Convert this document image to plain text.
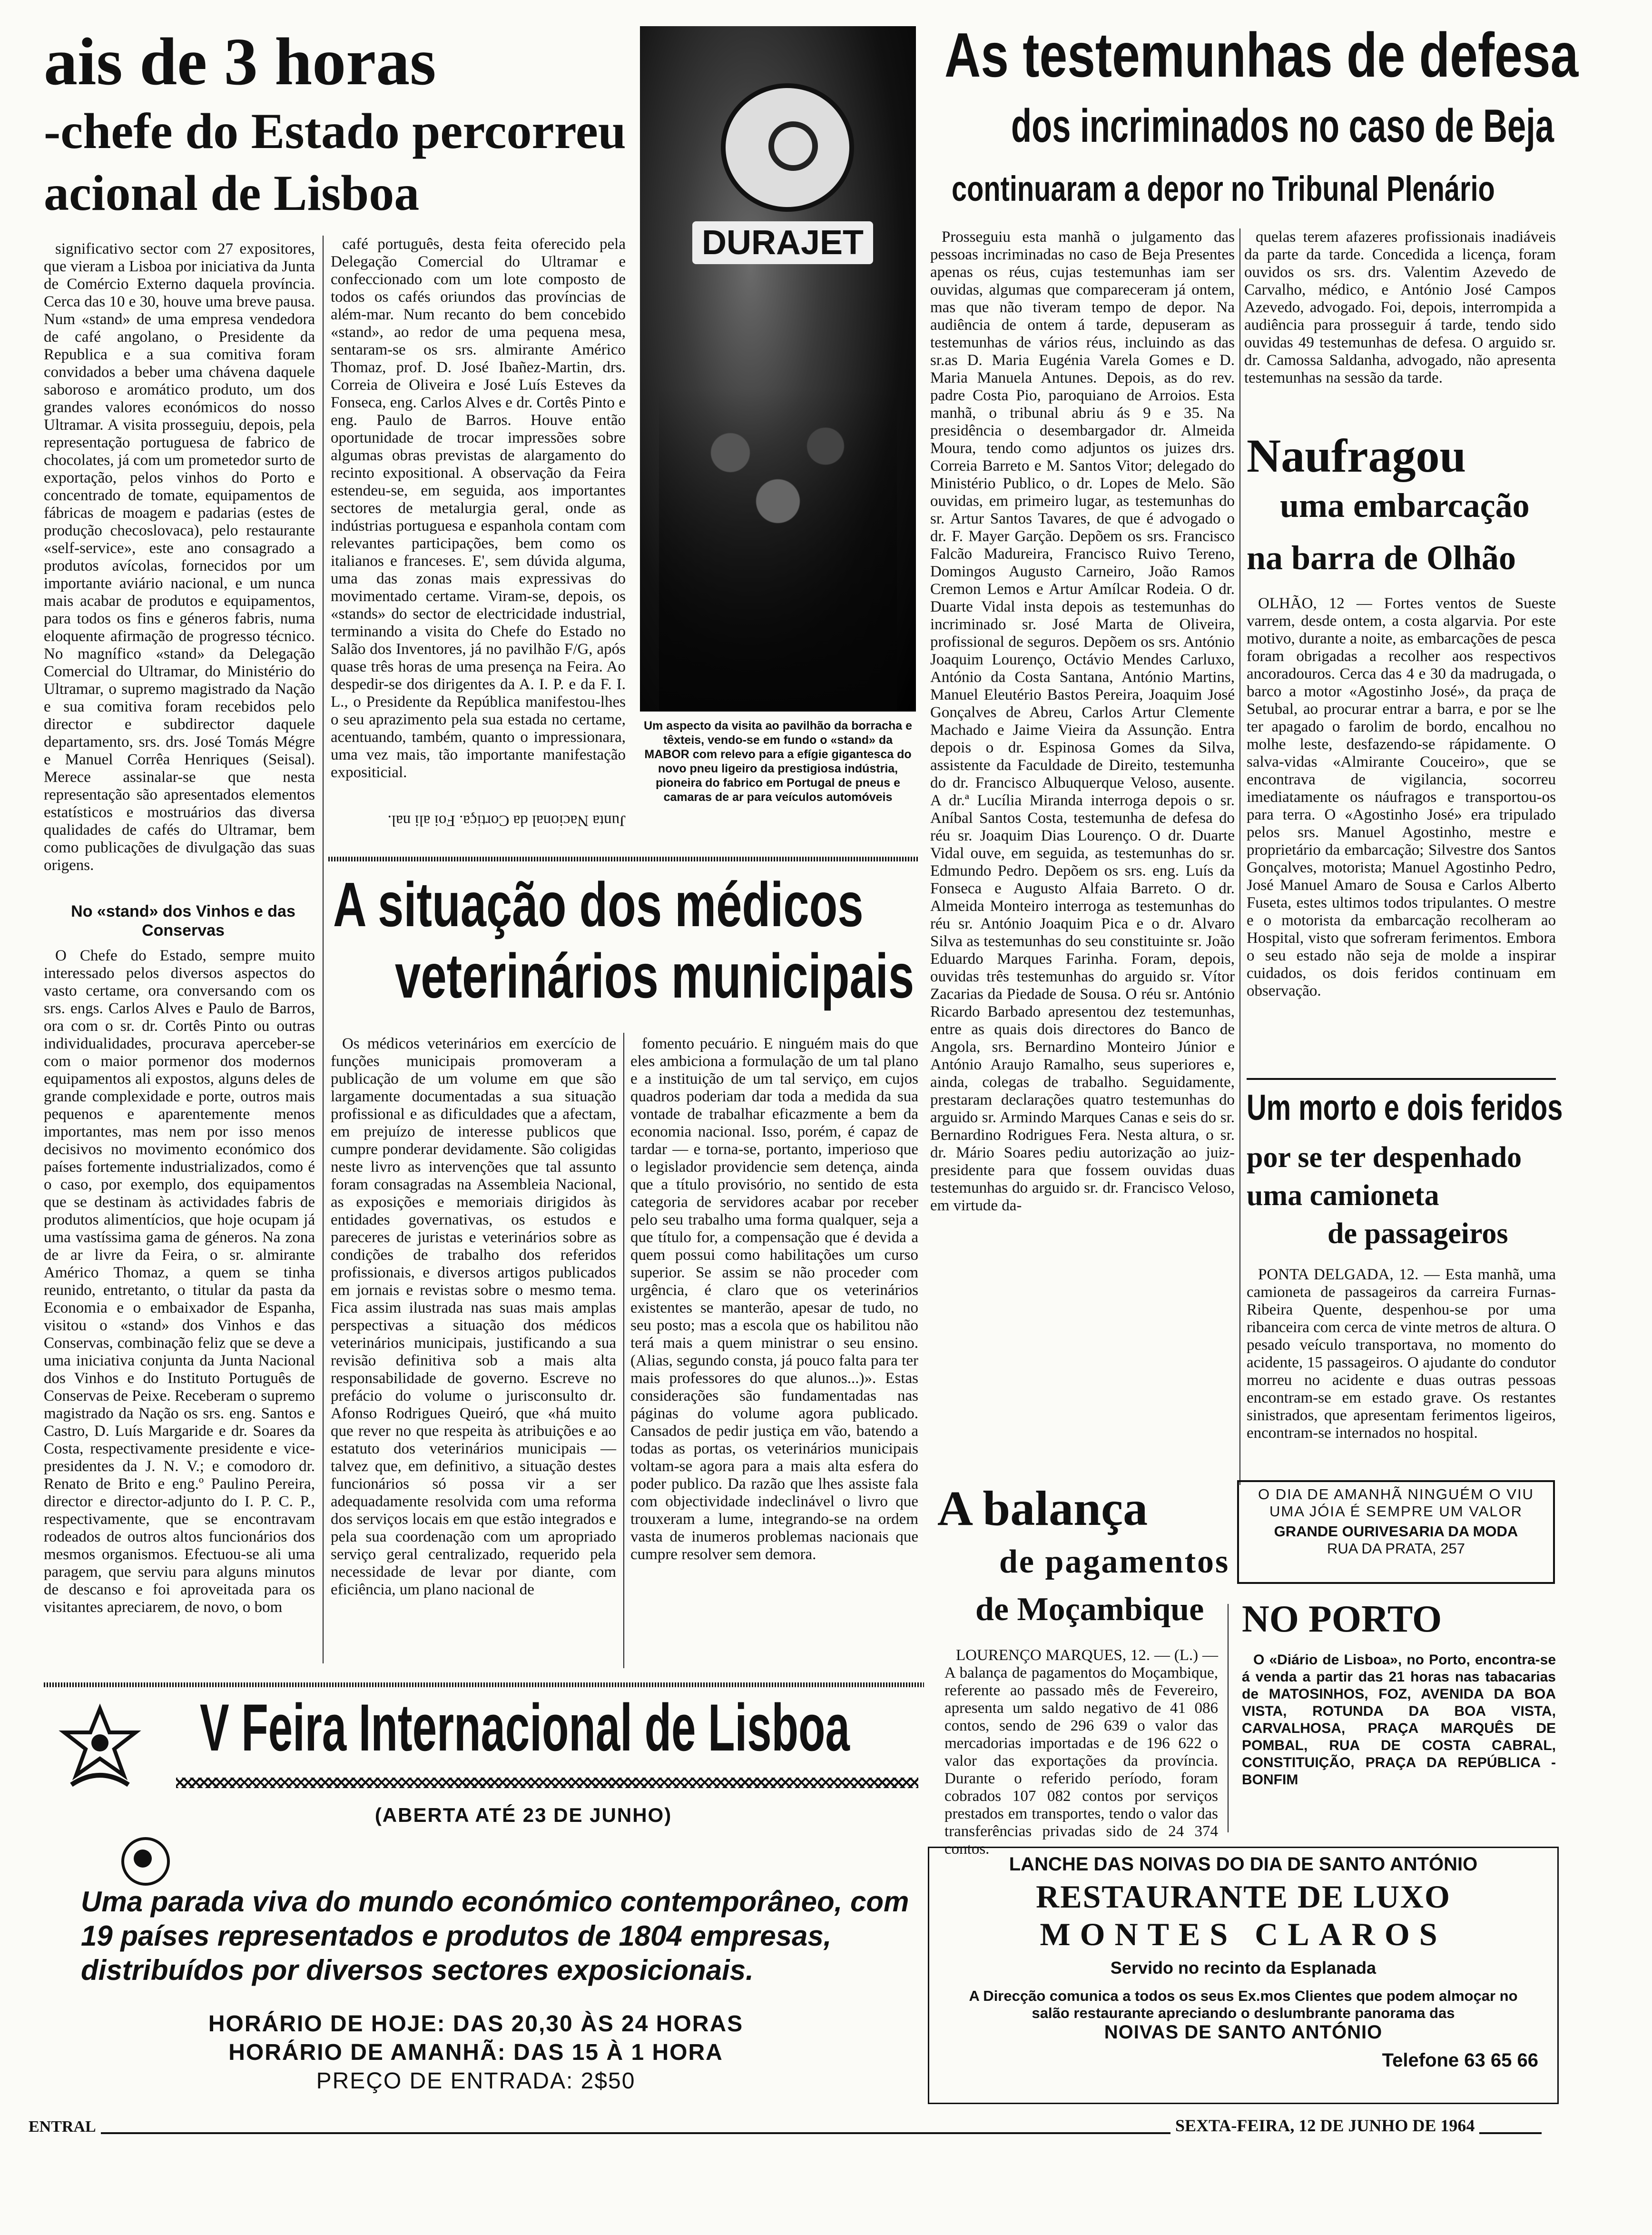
ais de 3 horas
-chefe do Estado percorreu
acional de Lisboa

significativo sector com 27 expositores, que vieram a Lisboa por iniciativa da Junta de Comércio Externo daquela província. Cerca das 10 e 30, houve uma breve pausa. Num «stand» de uma empresa vendedora de café angolano, o Presidente da Republica e a sua comitiva foram convidados a beber uma chávena daquele saboroso e aromático produto, um dos grandes valores económicos do nosso Ultramar. A visita prosseguiu, depois, pela representação portuguesa de fabrico de chocolates, já com um prometedor surto de exportação, pelos vinhos do Porto e concentrado de tomate, equipamentos de fábricas de moagem e padarias (estes de produção checoslovaca), pelo restaurante «self-service», este ano consagrado a produtos avícolas, fornecidos por um importante aviário nacional, e um nunca mais acabar de produtos e equipamentos, para todos os fins e géneros fabris, numa eloquente afirmação de progresso técnico. No magnífico «stand» da Delegação Comercial do Ultramar, do Ministério do Ultramar, o supremo magistrado da Nação e sua comitiva foram recebidos pelo director e subdirector daquele departamento, srs. drs. José Tomás Mégre e Manuel Corrêa Henriques (Seisal). Merece assinalar-se que nesta representação são apresentados elementos estatísticos e mostruários das diversa qualidades de cafés do Ultramar, bem como publicações de divulgação das suas origens.

No «stand» dos Vinhos e das Conservas

O Chefe do Estado, sempre muito interessado pelos diversos aspectos do vasto certame, ora conversando com os srs. engs. Carlos Alves e Paulo de Barros, ora com o sr. dr. Cortês Pinto ou outras individualidades, procurava aperceber-se com o maior pormenor dos modernos equipamentos ali expostos, alguns deles de grande complexidade e porte, outros mais pequenos e aparentemente menos importantes, mas nem por isso menos decisivos no movimento económico dos países fortemente industrializados, como é o caso, por exemplo, dos equipamentos que se destinam às actividades fabris de produtos alimentícios, que hoje ocupam já uma vastíssima gama de géneros. Na zona de ar livre da Feira, o sr. almirante Américo Thomaz, a quem se tinha reunido, entretanto, o titular da pasta da Economia e o embaixador de Espanha, visitou o «stand» dos Vinhos e das Conservas, combinação feliz que se deve a uma iniciativa conjunta da Junta Nacional dos Vinhos e do Instituto Português de Conservas de Peixe. Receberam o supremo magistrado da Nação os srs. eng. Santos e Castro, D. Luís Margaride e dr. Soares da Costa, respectivamente presidente e vice-presidentes da J. N. V.; e comodoro dr. Renato de Brito e eng.º Paulino Pereira, director e director-adjunto do I. P. C. P., respectivamente, que se encontravam rodeados de outros altos funcionários dos mesmos organismos. Efectuou-se ali uma paragem, que serviu para alguns minutos de descanso e foi aproveitada para os visitantes apreciarem, de novo, o bom

café português, desta feita oferecido pela Delegação Comercial do Ultramar e confeccionado com um lote composto de todos os cafés oriundos das províncias de além-mar. Num recanto do bem concebido «stand», ao redor de uma pequena mesa, sentaram-se os srs. almirante Américo Thomaz, prof. D. José Ibañez-Martin, drs. Correia de Oliveira e José Luís Esteves da Fonseca, eng. Carlos Alves e dr. Cortês Pinto e eng. Paulo de Barros. Houve então oportunidade de trocar impressões sobre algumas obras previstas de alargamento do recinto expositional. A observação da Feira estendeu-se, em seguida, aos importantes sectores de metalurgia geral, onde as indústrias portuguesa e espanhola contam com relevantes participações, bem como os italianos e franceses. E', sem dúvida alguma, uma das zonas mais expressivas do movimentado certame. Viram-se, depois, os «stands» do sector de electricidade industrial, terminando a visita do Chefe do Estado no Salão dos Inventores, já no pavilhão F/G, após quase três horas de uma presença na Feira. Ao despedir-se dos dirigentes da A. I. P. e da F. I. L., o Presidente da República manifestou-lhes o seu aprazimento pela sua estada no certame, acentuando, também, quanto o impressionara, uma vez mais, tão importante manifestação expositicial.

Junta Nacional da Cortiça. Foi ali nal.
DURAJET
Um aspecto da visita ao pavilhão da borracha e têxteis, vendo-se em fundo o «stand» da MABOR com relevo para a efígie gigantesca do novo pneu ligeiro da prestigiosa indústria, pioneira do fabrico em Portugal de pneus e camaras de ar para veículos automóveis
A situação dos médicos
veterinários municipais

Os médicos veterinários em exercício de funções municipais promoveram a publicação de um volume em que são largamente documentadas a sua situação profissional e as dificuldades que a afectam, em prejuízo de interesse publicos que cumpre ponderar devidamente. São coligidas neste livro as intervenções que tal assunto foram consagradas na Assembleia Nacional, as exposições e memoriais dirigidos às entidades governativas, os estudos e pareceres de juristas e veterinários sobre as condições de trabalho dos referidos profissionais, e diversos artigos publicados em jornais e revistas sobre o mesmo tema. Fica assim ilustrada nas suas mais amplas perspectivas a situação dos médicos veterinários municipais, justificando a sua revisão definitiva sob a mais alta responsabilidade de governo. Escreve no prefácio do volume o jurisconsulto dr. Afonso Rodrigues Queiró, que «há muito que rever no que respeita às atribuições e ao estatuto dos veterinários municipais — talvez que, em definitivo, a situação destes funcionários só possa vir a ser adequadamente resolvida com uma reforma dos serviços locais em que estão integrados e pela sua coordenação com um apropriado serviço geral centralizado, requerido pela necessidade de levar por diante, com eficiência, um plano nacional de

fomento pecuário. E ninguém mais do que eles ambiciona a formulação de um tal plano e a instituição de um tal serviço, em cujos quadros poderiam dar toda a medida da sua vontade de trabalhar eficazmente a bem da economia nacional. Isso, porém, é capaz de tardar — e torna-se, portanto, imperioso que o legislador providencie sem detença, ainda que a título provisório, no sentido de esta categoria de servidores acabar por receber pelo seu trabalho uma forma qualquer, seja a que título for, a compensação que é devida a quem possui como habilitações um curso superior. Se assim se não proceder com urgência, é claro que os veterinários existentes se manterão, apesar de tudo, no seu posto; mas a escola que os habilitou não terá mais a quem ministrar o seu ensino. (Alias, segundo consta, já pouco falta para ter mais professores do que alunos...)». Estas considerações são fundamentadas nas páginas do volume agora publicado. Cansados de pedir justiça em vão, batendo a todas as portas, os veterinários municipais voltam-se agora para a mais alta esfera do poder publico. Da razão que lhes assiste fala com objectividade indeclinável o livro que trouxeram a lume, integrando-se na ordem vasta de inumeros problemas nacionais que cumpre resolver sem demora.

As testemunhas de defesa
dos incriminados no caso de Beja
continuaram a depor no Tribunal Plenário

Prosseguiu esta manhã o julgamento das pessoas incriminadas no caso de Beja Presentes apenas os réus, cujas testemunhas iam ser ouvidas, algumas que compareceram já ontem, mas que não tiveram tempo de depor. Na audiência de ontem á tarde, depuseram as testemunhas de vários réus, incluindo as das sr.as D. Maria Eugénia Varela Gomes e D. Maria Manuela Antunes. Depois, as do rev. padre Costa Pio, paroquiano de Arroios. Esta manhã, o tribunal abriu ás 9 e 35. Na presidência o desembargador dr. Almeida Moura, tendo como adjuntos os juizes drs. Correia Barreto e M. Santos Vitor; delegado do Ministério Publico, o dr. Lopes de Melo. São ouvidas, em primeiro lugar, as testemunhas do sr. Artur Santos Tavares, de que é advogado o dr. F. Mayer Garção. Depõem os srs. Francisco Falcão Madureira, Francisco Ruivo Tereno, Domingos Augusto Carneiro, João Ramos Cremon Lemos e Artur Amílcar Rodeia. O dr. Duarte Vidal insta depois as testemunhas do incriminado sr. José Marta de Oliveira, profissional de seguros. Depõem os srs. António Joaquim Lourenço, Octávio Mendes Carluxo, António da Costa Santana, António Martins, Manuel Eleutério Bastos Pereira, Joaquim José Gonçalves de Abreu, Carlos Artur Clemente Machado e Jaime Vieira da Assunção. Entra depois o dr. Espinosa Gomes da Silva, assistente da Faculdade de Direito, testemunha do dr. Francisco Albuquerque Veloso, ausente. A dr.ª Lucília Miranda interroga depois o sr. Aníbal Santos Costa, testemunha de defesa do réu sr. Joaquim Dias Lourenço. O dr. Duarte Vidal ouve, em seguida, as testemunhas do sr. Edmundo Pedro. Depõem os srs. eng. Luís da Fonseca e Augusto Alfaia Barreto. O dr. Almeida Monteiro interroga as testemunhas do réu sr. António Joaquim Pica e o dr. Alvaro Silva as testemunhas do seu constituinte sr. João Eduardo Marques Farinha. Foram, depois, ouvidas três testemunhas do arguido sr. Vítor Zacarias da Piedade de Sousa. O réu sr. António Ricardo Barbado apresentou dez testemunhas, entre as quais dois directores do Banco de Angola, srs. Bernardino Monteiro Júnior e António Araujo Ramalho, seus superiores e, ainda, colegas de trabalho. Seguidamente, prestaram declarações quatro testemunhas do arguido sr. Armindo Marques Canas e seis do sr. Bernardino Rodrigues Fera. Nesta altura, o sr. dr. Mário Soares pediu autorização ao juiz-presidente para que fossem ouvidas duas testemunhas do arguido sr. dr. Francisco Veloso, em virtude da-

quelas terem afazeres profissionais inadiáveis da parte da tarde. Concedida a licença, foram ouvidos os srs. drs. Valentim Azevedo de Carvalho, médico, e António José Campos Azevedo, advogado. Foi, depois, interrompida a audiência para prosseguir á tarde, tendo sido ouvidas 49 testemunhas de defesa. O arguido sr. dr. Camossa Saldanha, advogado, não apresenta testemunhas na sessão da tarde.

Naufragou
uma embarcação
na barra de Olhão

OLHÃO, 12 — Fortes ventos de Sueste varrem, desde ontem, a costa algarvia. Por este motivo, durante a noite, as embarcações de pesca foram obrigadas a recolher aos respectivos ancoradouros. Cerca das 4 e 30 da madrugada, o barco a motor «Agostinho José», da praça de Setubal, ao procurar entrar a barra, e por se lhe ter apagado o farolim de bordo, encalhou no molhe leste, desfazendo-se rápidamente. O salva-vidas «Almirante Couceiro», que se encontrava de vigilancia, socorreu imediatamente os náufragos e transportou-os para terra. O «Agostinho José» era tripulado pelos srs. Manuel Agostinho, mestre e proprietário da embarcação; Silvestre dos Santos Gonçalves, motorista; Manuel Agostinho Pedro, José Manuel Amaro de Sousa e Carlos Alberto Fuseta, estes ultimos todos tripulantes. O mestre e o motorista da embarcação recolheram ao Hospital, visto que sofreram ferimentos. Embora o seu estado não seja de molde a inspirar cuidados, os dois feridos continuam em observação.

Um morto e dois feridos
por se ter despenhado
uma camioneta
de passageiros

PONTA DELGADA, 12. — Esta manhã, uma camioneta de passageiros da carreira Furnas-Ribeira Quente, despenhou-se por uma ribanceira com cerca de vinte metros de altura. O pesado veículo transportava, no momento do acidente, 15 passageiros. O ajudante do condutor morreu no acidente e duas outras pessoas encontram-se em estado grave. Os restantes sinistrados, que apresentam ferimentos ligeiros, encontram-se internados no hospital.

O DIA DE AMANHÃ NINGUÉM O VIU
UMA JÓIA É SEMPRE UM VALOR
GRANDE OURIVESARIA DA MODA
RUA DA PRATA, 257
A balança
de pagamentos
de Moçambique

LOURENÇO MARQUES, 12. — (L.) — A balança de pagamentos do Moçambique, referente ao passado mês de Fevereiro, apresenta um saldo negativo de 41 086 contos, sendo de 296 639 o valor das mercadorias importadas e de 196 622 o valor das exportações da província. Durante o referido período, foram cobrados 107 082 contos por serviços prestados em transportes, tendo o valor das transferências privadas sido de 24 374 contos.

NO PORTO

O «Diário de Lisboa», no Porto, encontra-se á venda a partir das 21 horas nas tabacarias de MATOSINHOS, FOZ, AVENIDA DA BOA VISTA, ROTUNDA DA BOA VISTA, CARVALHOSA, PRAÇA MARQUÊS DE POMBAL, RUA DE COSTA CABRAL, CONSTITUIÇÃO, PRAÇA DA REPÚBLICA - BONFIM

V Feira Internacional de Lisboa
(ABERTA ATÉ 23 DE JUNHO)
Uma parada viva do mundo económico contemporâneo, com 19 países representados e produtos de 1804 empresas, distribuídos por diversos sectores exposicionais.
HORÁRIO DE HOJE: DAS 20,30 ÀS 24 HORAS
HORÁRIO DE AMANHÃ: DAS 15 À 1 HORA
PREÇO DE ENTRADA: 2$50
LANCHE DAS NOIVAS DO DIA DE SANTO ANTÓNIO
RESTAURANTE DE LUXO
MONTES CLAROS
Servido no recinto da Esplanada
A Direcção comunica a todos os seus Ex.mos Clientes que podem almoçar no salão restaurante apreciando o deslumbrante panorama das
NOIVAS DE SANTO ANTÓNIO
Telefone 63 65 66
ENTRAL	SEXTA-FEIRA, 12 DE JUNHO DE 1964
